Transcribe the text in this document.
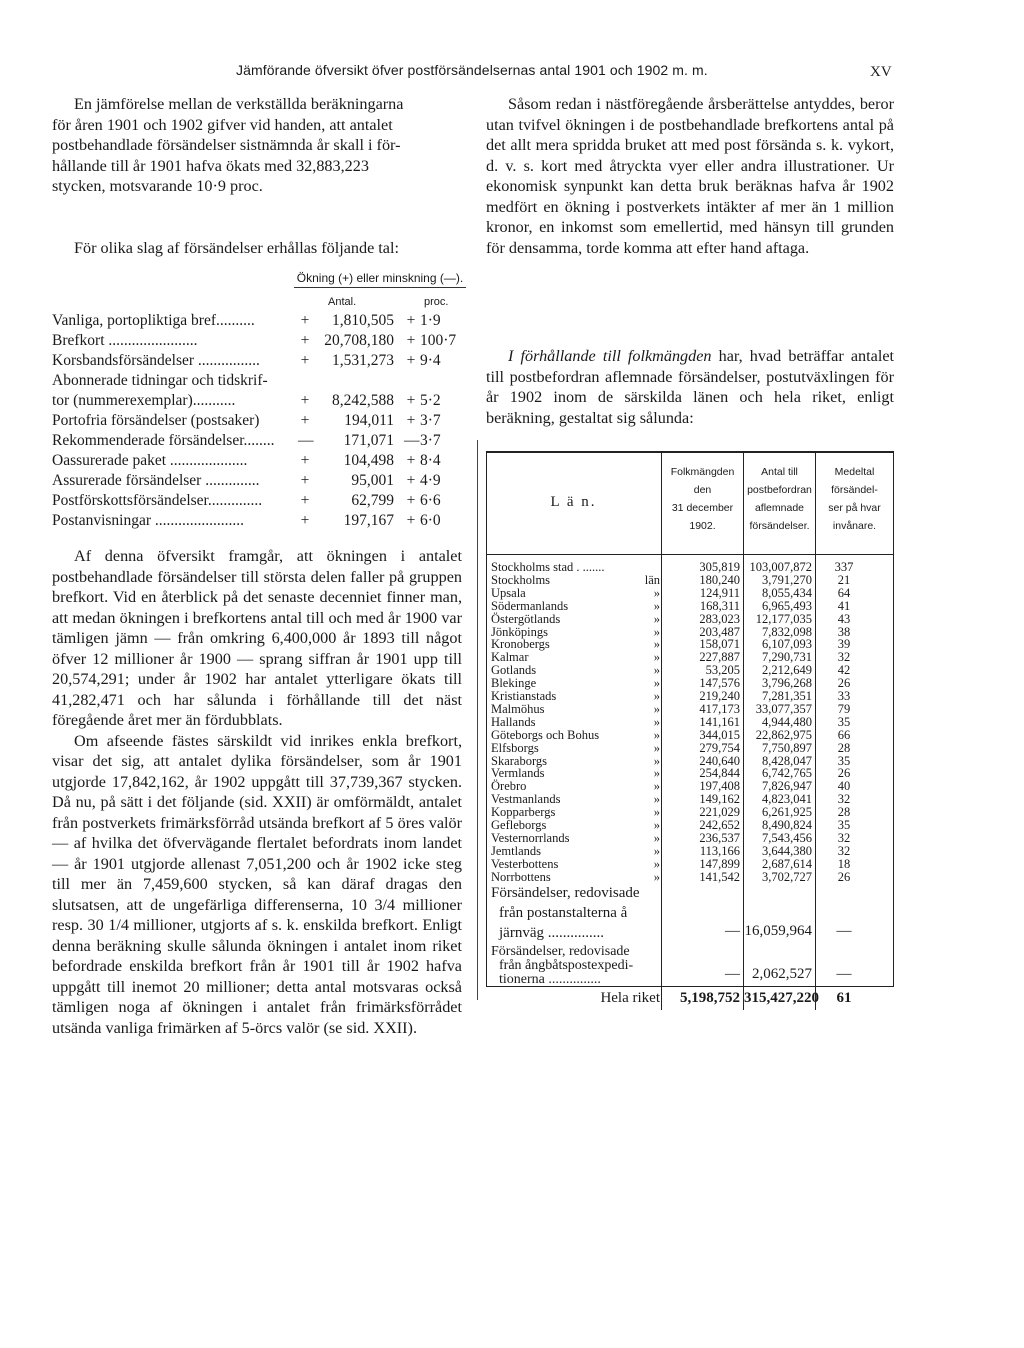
Jämförande öfversikt öfver postförsändelsernas antal 1901 och 1902 m. m.	XV
En jämförelse mellan de verkställda beräkningarna
för åren 1901 och 1902 gifver vid handen, att antalet
postbehandlade försändelser sistnämnda år skall i för-
hållande till år 1901 hafva ökats med 32,883,223
stycken, motsvarande 10·9 proc.
För olika slag af försändelser erhållas följande tal:
Ökning (+) eller minskning (—).
Antal.	proc.
Vanliga, portopliktiga bref..........	+	1,810,505 + 1·9
Brefkort .......................	+ 20,708,180 + 100·7
Korsbandsförsändelser ................	+	1,531,273 + 9·4
Abonnerade tidningar och tidskrif-
tor (nummerexemplar)...........	+	8,242,588 + 5·2
Portofria försändelser (postsaker)	+	194,011 + 3·7
Rekommenderade försändelser........ —	171,071 — 3·7
Oassurerade paket ....................	+	104,498 + 8·4
Assurerade försändelser ..............	+	95,001 + 4·9
Postförskottsförsändelser.............. +	62,799 + 6·6
Postanvisningar .......................	+	197,167 + 6·0

Af denna öfversikt framgår, att ökningen i antalet postbehandlade försändelser till största delen faller på gruppen brefkort. Vid en återblick på det senaste decenniet finner man, att medan ökningen i brefkortens antal till och med år 1900 var tämligen jämn — från omkring 6,400,000 år 1893 till något öfver 12 millioner år 1900 — sprang siffran år 1901 upp till 20,574,291; under år 1902 har antalet ytterligare ökats till 41,282,471 och har sålunda i förhållande till det näst föregående året mer än fördubblats.

Om afseende fästes särskildt vid inrikes enkla brefkort, visar det sig, att antalet dylika försändelser, som år 1901 utgjorde 17,842,162, år 1902 uppgått till 37,739,367 stycken. Då nu, på sätt i det följande (sid. XXII) är omförmäldt, antalet från postverkets frimärksförråd utsända brefkort af 5 öres valör — af hvilka det öfvervägande flertalet befordrats inom landet — år 1901 utgjorde allenast 7,051,200 och år 1902 icke steg till mer än 7,459,600 stycken, så kan däraf dragas den slutsatsen, att de ungefärliga differenserna, 10 3/4 millioner resp. 30 1/4 millioner, utgjorts af s. k. enskilda brefkort. Enligt denna beräkning skulle sålunda ökningen i antalet inom riket befordrade enskilda brefkort från år 1901 till år 1902 hafva uppgått till inemot 20 millioner; detta antal motsvaras också tämligen noga af ökningen i antalet från frimärksförrådet utsända vanliga frimärken af 5-örcs valör (se sid. XXII).

Såsom redan i nästföregående årsberättelse antyddes, beror utan tvifvel ökningen i de postbehandlade brefkortens antal på det allt mera spridda bruket att med post försända s. k. vykort, d. v. s. kort med åtryckta vyer eller andra illustrationer. Ur ekonomisk synpunkt kan detta bruk beräknas hafva år 1902 medfört en ökning i postverkets intäkter af mer än 1 million kronor, en inkomst som emellertid, med hänsyn till grunden för densamma, torde komma att efter hand aftaga.

I förhållande till folkmängden har, hvad beträffar antalet till postbefordran aflemnade försändelser, postutväxlingen för år 1902 inom de särskilda länen och hela riket, enligt beräkning, gestaltat sig sålunda:

L ä n.
Folkmängden
den
31 december
1902.
Antal till
postbefordran
aflemnade
försändelser.
Medeltal
försändel-
ser på hvar
invånare.
Stockholms stad . .......	305,819 103,007,872	337
Stockholms	län	180,240	3,791,270	21
Upsala	»	124,911	8,055,434	64
Södermanlands	»	168,311	6,965,493	41
Östergötlands	»	283,023	12,177,035	43
Jönköpings	»	203,487	7,832,098	38
Kronobergs	»	158,071	6,107,093	39
Kalmar	»	227,887	7,290,731	32
Gotlands	»	53,205	2,212,649	42
Blekinge	»	147,576	3,796,268	26
Kristianstads	»	219,240	7,281,351	33
Malmöhus	»	417,173	33,077,357	79
Hallands	»	141,161	4,944,480	35
Göteborgs och Bohus	»	344,015	22,862,975	66
Elfsborgs	»	279,754	7,750,897	28
Skaraborgs	»	240,640	8,428,047	35
Vermlands	»	254,844	6,742,765	26
Örebro	»	197,408	7,826,947	40
Vestmanlands	»	149,162	4,823,041	32
Kopparbergs	»	221,029	6,261,925	28
Gefleborgs	»	242,652	8,490,824	35
Vesternorrlands	»	236,537	7,543,456	32
Jemtlands	»	113,166	3,644,380	32
Vesterbottens	»	147,899	2,687,614	18
Norrbottens	»	141,542	3,702,727	26
Försändelser, redovisade
från postanstalterna å
järnväg ...............	— 16,059,964	—
Försändelser, redovisade
från ångbåtspostexpedi-
tionerna ...............	— 2,062,527	—
Hela riket	5,198,752 315,427,220	61
